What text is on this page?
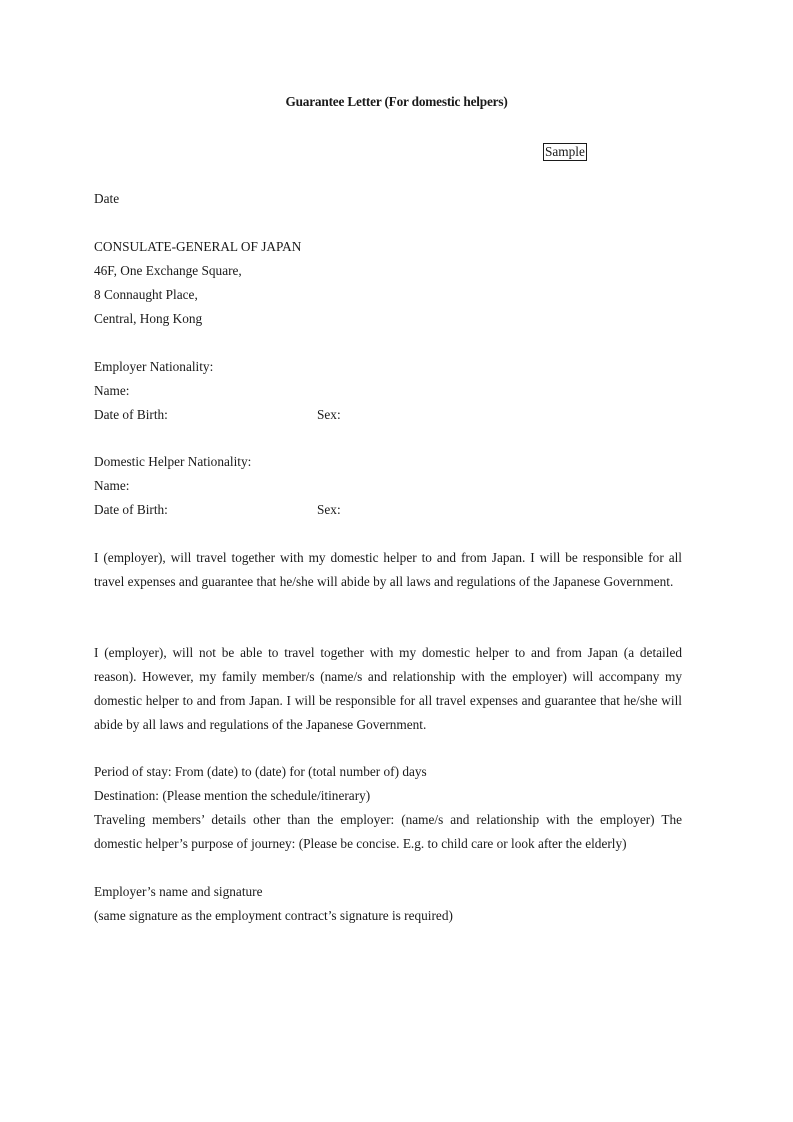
Guarantee Letter (For domestic helpers)
Sample
Date
CONSULATE-GENERAL OF JAPAN
46F, One Exchange Square,
8 Connaught Place,
Central, Hong Kong
Employer Nationality:
Name:
Date of Birth:	Sex:
Domestic Helper Nationality:
Name:
Date of Birth:	Sex:
I (employer), will travel together with my domestic helper to and from Japan. I will be responsible for all travel expenses and guarantee that he/she will abide by all laws and regulations of the Japanese Government.
I (employer), will not be able to travel together with my domestic helper to and from Japan (a detailed reason). However, my family member/s (name/s and relationship with the employer) will accompany my domestic helper to and from Japan. I will be responsible for all travel expenses and guarantee that he/she will abide by all laws and regulations of the Japanese Government.
Period of stay: From (date) to (date) for (total number of) days
Destination: (Please mention the schedule/itinerary)
Traveling members’ details other than the employer: (name/s and relationship with the employer) The domestic helper’s purpose of journey: (Please be concise. E.g. to child care or look after the elderly)
Employer’s name and signature
(same signature as the employment contract’s signature is required)
